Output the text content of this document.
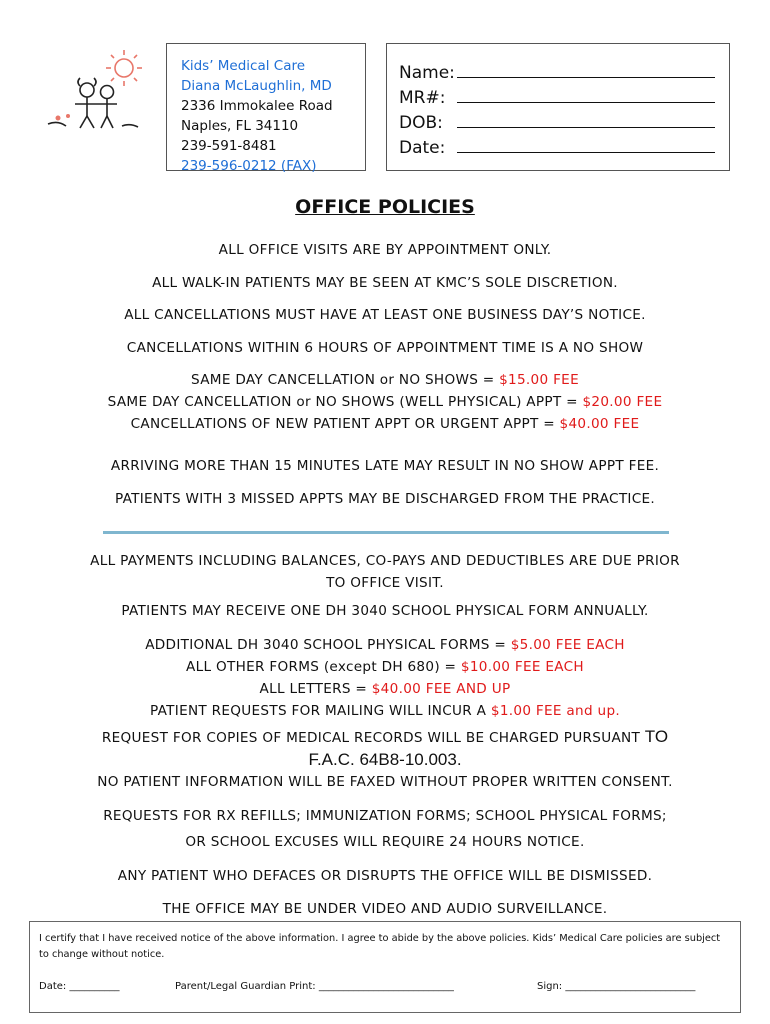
Kids’ Medical Care
Diana McLaughlin, MD
2336 Immokalee Road
Naples, FL 34110
239-591-8481
239-596-0212 (FAX)
Name:
MR#:
DOB:
Date:
OFFICE POLICIES
ALL OFFICE VISITS ARE BY APPOINTMENT ONLY.
ALL WALK-IN PATIENTS MAY BE SEEN AT KMC’S SOLE DISCRETION.
ALL CANCELLATIONS MUST HAVE AT LEAST ONE BUSINESS DAY’S NOTICE.
CANCELLATIONS WITHIN 6 HOURS OF APPOINTMENT TIME IS A NO SHOW
SAME DAY CANCELLATION or NO SHOWS = $15.00 FEE
SAME DAY CANCELLATION or NO SHOWS (WELL PHYSICAL) APPT = $20.00 FEE
CANCELLATIONS OF NEW PATIENT APPT OR URGENT APPT = $40.00 FEE
ARRIVING MORE THAN 15 MINUTES LATE MAY RESULT IN NO SHOW APPT FEE.
PATIENTS WITH 3 MISSED APPTS MAY BE DISCHARGED FROM THE PRACTICE.
ALL PAYMENTS INCLUDING BALANCES, CO-PAYS AND DEDUCTIBLES ARE DUE PRIOR
TO OFFICE VISIT.
PATIENTS MAY RECEIVE ONE DH 3040 SCHOOL PHYSICAL FORM ANNUALLY.
ADDITIONAL DH 3040 SCHOOL PHYSICAL FORMS = $5.00 FEE EACH
ALL OTHER FORMS (except DH 680) = $10.00 FEE EACH
ALL LETTERS = $40.00 FEE AND UP
PATIENT REQUESTS FOR MAILING WILL INCUR A $1.00 FEE and up.
REQUEST FOR COPIES OF MEDICAL RECORDS WILL BE CHARGED PURSUANT TO
F.A.C. 64B8-10.003.
NO PATIENT INFORMATION WILL BE FAXED WITHOUT PROPER WRITTEN CONSENT.
REQUESTS FOR RX REFILLS; IMMUNIZATION FORMS; SCHOOL PHYSICAL FORMS;
OR SCHOOL EXCUSES WILL REQUIRE 24 HOURS NOTICE.
ANY PATIENT WHO DEFACES OR DISRUPTS THE OFFICE WILL BE DISMISSED.
THE OFFICE MAY BE UNDER VIDEO AND AUDIO SURVEILLANCE.
I certify that I have received notice of the above information. I agree to abide by the above policies. Kids’ Medical Care policies are subject to change without notice.
Date: __________	Parent/Legal Guardian Print: ___________________________	Sign: __________________________
